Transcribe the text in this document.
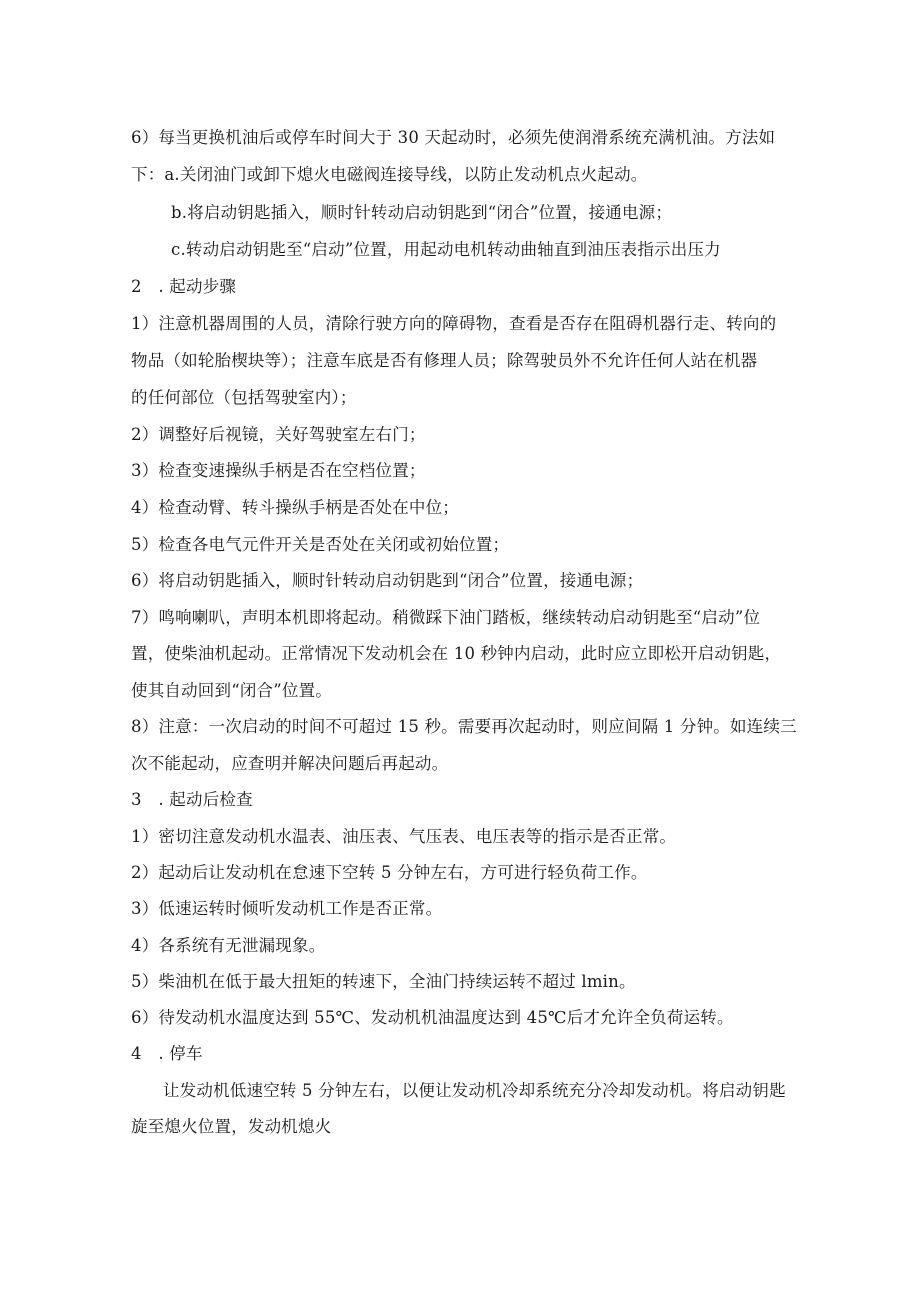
6）每当更换机油后或停车时间大于 30 天起动时，必须先使润滑系统充满机油。方法如

下：a.关闭油门或卸下熄火电磁阀连接导线，以防止发动机点火起动。

b.将启动钥匙插入，顺时针转动启动钥匙到“闭合”位置，接通电源；

c.转动启动钥匙至“启动”位置，用起动电机转动曲轴直到油压表指示出压力

2　. 起动步骤

1）注意机器周围的人员，清除行驶方向的障碍物，查看是否存在阻碍机器行走、转向的

物品（如轮胎楔块等）；注意车底是否有修理人员；除驾驶员外不允许任何人站在机器

的任何部位（包括驾驶室内）；

2）调整好后视镜，关好驾驶室左右门；

3）检查变速操纵手柄是否在空档位置；

4）检查动臂、转斗操纵手柄是否处在中位；

5）检查各电气元件开关是否处在关闭或初始位置；

6）将启动钥匙插入，顺时针转动启动钥匙到“闭合”位置，接通电源；

7）鸣响喇叭，声明本机即将起动。稍微踩下油门踏板，继续转动启动钥匙至“启动”位

置，使柴油机起动。正常情况下发动机会在 10 秒钟内启动，此时应立即松开启动钥匙，

使其自动回到“闭合”位置。

8）注意：一次启动的时间不可超过 15 秒。需要再次起动时，则应间隔 1 分钟。如连续三

次不能起动，应查明并解决问题后再起动。

3　. 起动后检查

1）密切注意发动机水温表、油压表、气压表、电压表等的指示是否正常。

2）起动后让发动机在怠速下空转 5 分钟左右，方可进行轻负荷工作。

3）低速运转时倾听发动机工作是否正常。

4）各系统有无泄漏现象。

5）柴油机在低于最大扭矩的转速下，全油门持续运转不超过 lmin。

6）待发动机水温度达到 55℃、发动机机油温度达到 45℃后才允许全负荷运转。

4　. 停车

让发动机低速空转 5 分钟左右，以便让发动机冷却系统充分冷却发动机。将启动钥匙

旋至熄火位置，发动机熄火
